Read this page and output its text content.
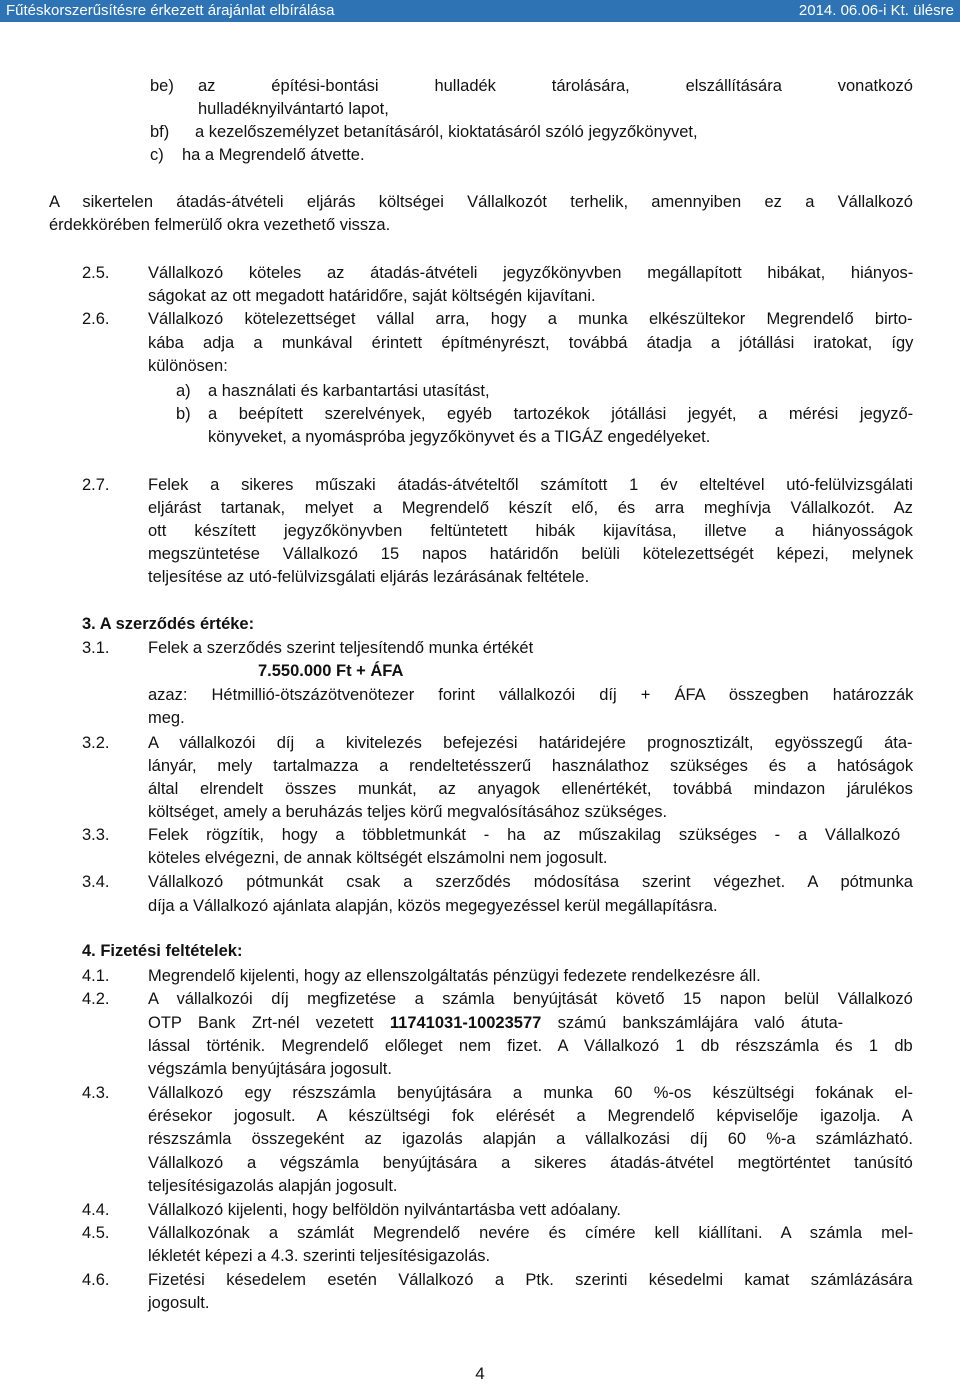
Fűtéskorszerűsítésre érkezett árajánlat elbírálása	2014. 06.06-i Kt. ülésre
be) az	építési-bontási	hulladék	tárolására,	elszállítására	vonatkozó
hulladéknyilvántartó lapot,
bf) a kezelőszemélyzet betanításáról, kioktatásáról szóló jegyzőkönyvet,
c) ha a Megrendelő átvette.
A sikertelen átadás-átvételi eljárás költségei Vállalkozót terhelik, amennyiben ez a Vállalkozó
érdekkörében felmerülő okra vezethető vissza.
2.5. Vállalkozó köteles az átadás-átvételi jegyzőkönyvben megállapított hibákat, hiányos-
ságokat az ott megadott határidőre, saját költségén kijavítani.
2.6. Vállalkozó kötelezettséget vállal arra, hogy a munka elkészültekor Megrendelő birto-
kába adja a munkával érintett építményrészt, továbbá átadja a jótállási iratokat, így
különösen:
a) a használati és karbantartási utasítást,
b) a beépített szerelvények, egyéb tartozékok jótállási jegyét, a mérési jegyző-
könyveket, a nyomáspróba jegyzőkönyvet és a TIGÁZ engedélyeket.
2.7. Felek a sikeres műszaki átadás-átvételtől számított 1 év elteltével utó-felülvizsgálati
eljárást tartanak, melyet a Megrendelő készít elő, és arra meghívja Vállalkozót. Az
ott készített jegyzőkönyvben feltüntetett hibák kijavítása, illetve a hiányosságok
megszüntetése Vállalkozó 15 napos határidőn belüli kötelezettségét képezi, melynek
teljesítése az utó-felülvizsgálati eljárás lezárásának feltétele.
3. A szerződés értéke:
3.1. Felek a szerződés szerint teljesítendő munka értékét
7.550.000 Ft + ÁFA
azaz: Hétmillió-ötszázötvenötezer forint vállalkozói díj + ÁFA összegben határozzák
meg.
3.2. A vállalkozói díj a kivitelezés befejezési határidejére prognosztizált, egyösszegű áta-
lányár, mely tartalmazza a rendeltetésszerű használathoz szükséges és a hatóságok
által elrendelt összes munkát, az anyagok ellenértékét, továbbá mindazon járulékos
költséget, amely a beruházás teljes körű megvalósításához szükséges.
3.3. Felek rögzítik, hogy a többletmunkát - ha az műszakilag szükséges - a Vállalkozó
köteles elvégezni, de annak költségét elszámolni nem jogosult.
3.4. Vállalkozó pótmunkát csak a szerződés módosítása szerint végezhet. A pótmunka
díja a Vállalkozó ajánlata alapján, közös megegyezéssel kerül megállapításra.
4. Fizetési feltételek:
4.1. Megrendelő kijelenti, hogy az ellenszolgáltatás pénzügyi fedezete rendelkezésre áll.
4.2. A vállalkozói díj megfizetése a számla benyújtását követő 15 napon belül Vállalkozó
OTP Bank Zrt-nél vezetett 11741031-10023577 számú bankszámlájára való átuta-
lással történik. Megrendelő előleget nem fizet. A Vállalkozó 1 db részszámla és 1 db
végszámla benyújtására jogosult.
4.3. Vállalkozó egy részszámla benyújtására a munka 60 %-os készültségi fokának el-
érésekor jogosult. A készültségi fok elérését a Megrendelő képviselője igazolja. A
részszámla összegeként az igazolás alapján a vállalkozási díj 60 %-a számlázható.
Vállalkozó a végszámla benyújtására a sikeres átadás-átvétel megtörténtet tanúsító
teljesítésigazolás alapján jogosult.
4.4. Vállalkozó kijelenti, hogy belföldön nyilvántartásba vett adóalany.
4.5. Vállalkozónak a számlát Megrendelő nevére és címére kell kiállítani. A számla mel-
lékletét képezi a 4.3. szerinti teljesítésigazolás.
4.6. Fizetési késedelem esetén Vállalkozó a Ptk. szerinti késedelmi kamat számlázására
jogosult.
4
